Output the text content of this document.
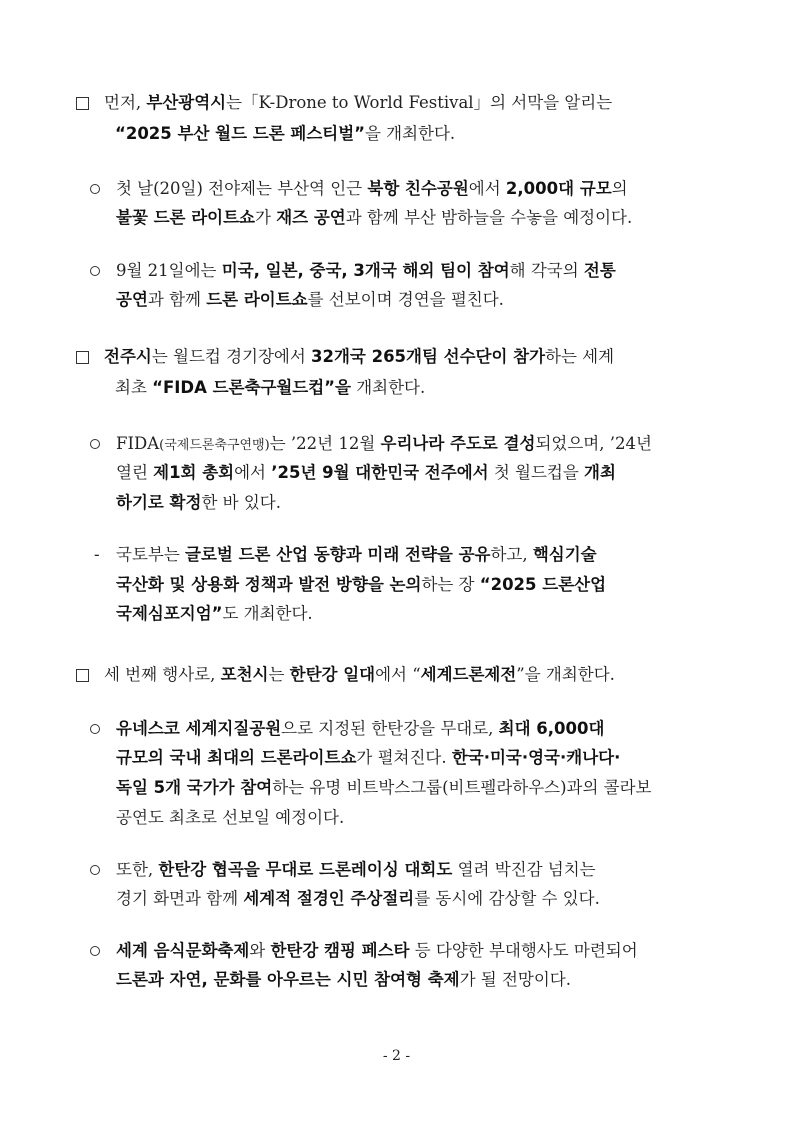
먼저, 부산광역시는「K-Drone to World Festival」의 서막을 알리는
“2025 부산 월드 드론 페스티벌”을 개최한다.
첫 날(20일) 전야제는 부산역 인근 북항 친수공원에서 2,000대 규모의
불꽃 드론 라이트쇼가 재즈 공연과 함께 부산 밤하늘을 수놓을 예정이다.
9월 21일에는 미국, 일본, 중국, 3개국 해외 팀이 참여해 각국의 전통
공연과 함께 드론 라이트쇼를 선보이며 경연을 펼친다.
전주시는 월드컵 경기장에서 32개국 265개팀 선수단이 참가하는 세계
최초 “FIDA 드론축구월드컵”을 개최한다.
FIDA(국제드론축구연맹)는 ’22년 12월 우리나라 주도로 결성되었으며, ’24년
열린 제1회 총회에서 ’25년 9월 대한민국 전주에서 첫 월드컵을 개최
하기로 확정한 바 있다.
- 국토부는 글로벌 드론 산업 동향과 미래 전략을 공유하고, 핵심기술
국산화 및 상용화 정책과 발전 방향을 논의하는 장 “2025 드론산업
국제심포지엄”도 개최한다.
세 번째 행사로, 포천시는 한탄강 일대에서 “세계드론제전”을 개최한다.
유네스코 세계지질공원으로 지정된 한탄강을 무대로, 최대 6,000대
규모의 국내 최대의 드론라이트쇼가 펼쳐진다. 한국·미국·영국·캐나다·
독일 5개 국가가 참여하는 유명 비트박스그룹(비트펠라하우스)과의 콜라보
공연도 최초로 선보일 예정이다.
또한, 한탄강 협곡을 무대로 드론레이싱 대회도 열려 박진감 넘치는
경기 화면과 함께 세계적 절경인 주상절리를 동시에 감상할 수 있다.
세계 음식문화축제와 한탄강 캠핑 페스타 등 다양한 부대행사도 마련되어
드론과 자연, 문화를 아우르는 시민 참여형 축제가 될 전망이다.
- 2 -
